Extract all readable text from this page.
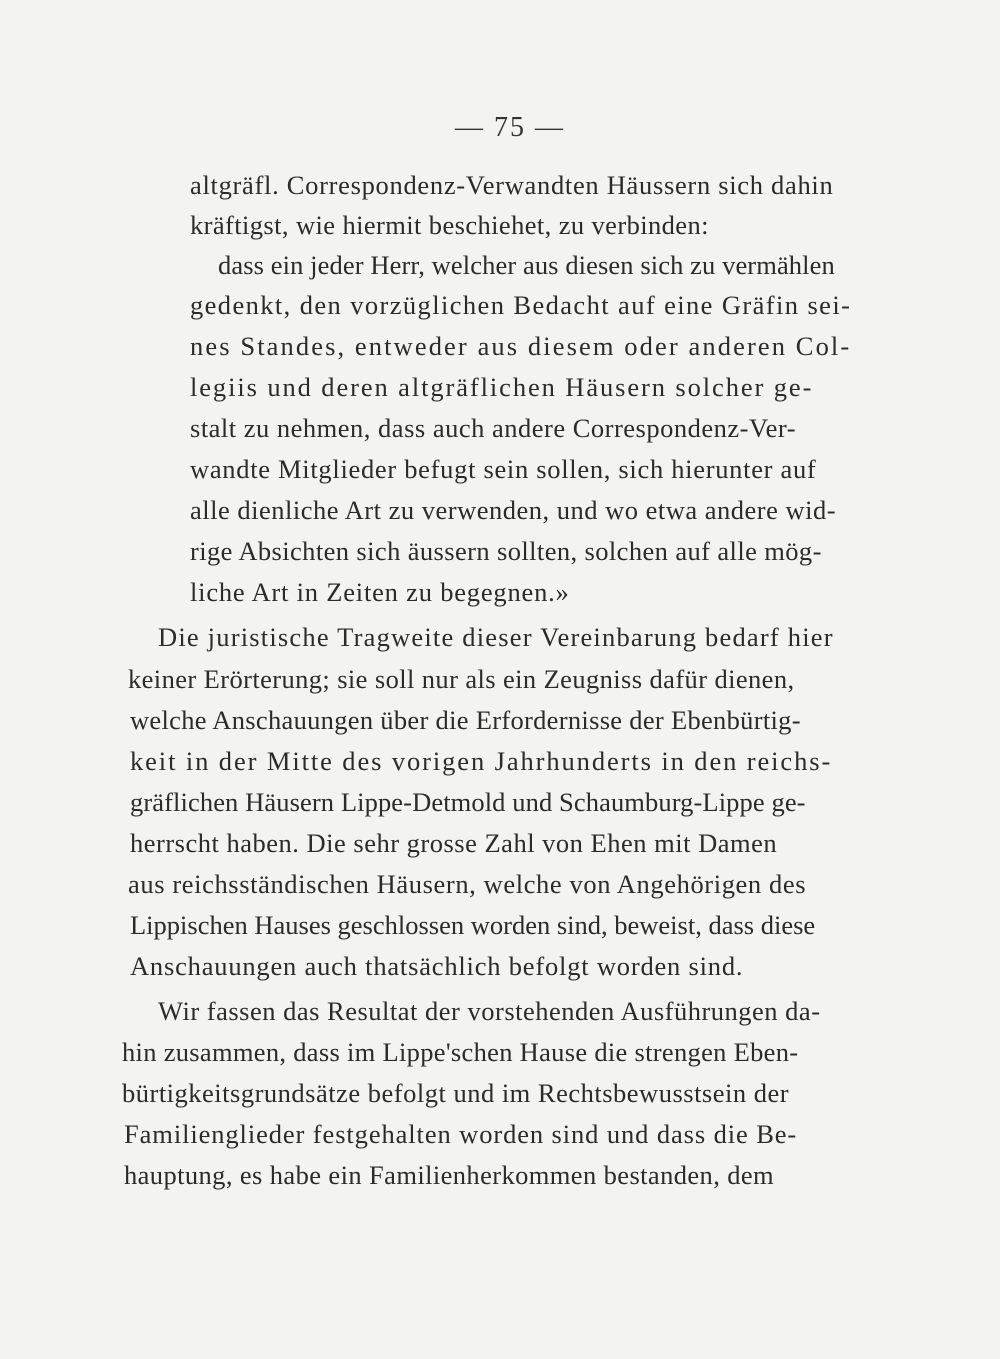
— 75 —
altgräfl. Correspondenz-Verwandten Häussern sich dahin
kräftigst, wie hiermit beschiehet, zu verbinden:
dass ein jeder Herr, welcher aus diesen sich zu vermählen
gedenkt, den vorzüglichen Bedacht auf eine Gräfin sei-
nes Standes, entweder aus diesem oder anderen Col-
legiis und deren altgräflichen Häusern solcher ge-
stalt zu nehmen, dass auch andere Correspondenz-Ver-
wandte Mitglieder befugt sein sollen, sich hierunter auf
alle dienliche Art zu verwenden, und wo etwa andere wid-
rige Absichten sich äussern sollten, solchen auf alle mög-
liche Art in Zeiten zu begegnen.»
Die juristische Tragweite dieser Vereinbarung bedarf hier
keiner Erörterung; sie soll nur als ein Zeugniss dafür dienen,
welche Anschauungen über die Erfordernisse der Ebenbürtig-
keit in der Mitte des vorigen Jahrhunderts in den reichs-
gräflichen Häusern Lippe-Detmold und Schaumburg-Lippe ge-
herrscht haben. Die sehr grosse Zahl von Ehen mit Damen
aus reichsständischen Häusern, welche von Angehörigen des
Lippischen Hauses geschlossen worden sind, beweist, dass diese
Anschauungen auch thatsächlich befolgt worden sind.
Wir fassen das Resultat der vorstehenden Ausführungen da-
hin zusammen, dass im Lippe'schen Hause die strengen Eben-
bürtigkeitsgrundsätze befolgt und im Rechtsbewusstsein der
Familienglieder festgehalten worden sind und dass die Be-
hauptung, es habe ein Familienherkommen bestanden, dem
